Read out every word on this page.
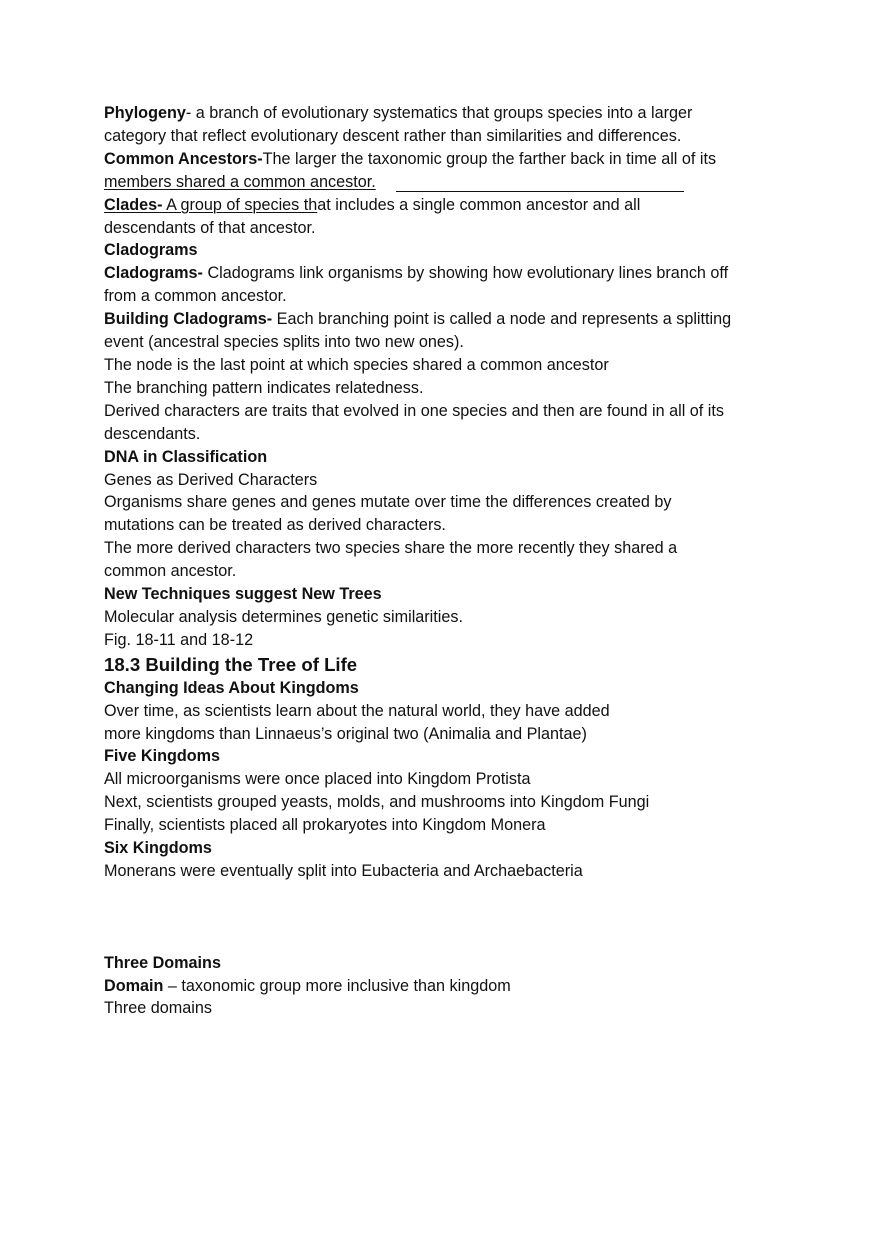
Phylogeny- a branch of evolutionary systematics that groups species into a larger
category that reflect evolutionary descent rather than similarities and differences.
Common Ancestors-The larger the taxonomic group the farther back in time all of its
members shared a common ancestor.
Clades- A group of species that includes a single common ancestor and all
descendants of that ancestor.
Cladograms
Cladograms- Cladograms link organisms by showing how evolutionary lines branch off
from a common ancestor.
Building Cladograms- Each branching point is called a node and represents a splitting
event (ancestral species splits into two new ones).
The node is the last point at which species shared a common ancestor
The branching pattern indicates relatedness.
Derived characters are traits that evolved in one species and then are found in all of its
descendants.
DNA in Classification
Genes as Derived Characters
Organisms share genes and genes mutate over time the differences created by
mutations can be treated as derived characters.
The more derived characters two species share the more recently they shared a
common ancestor.
New Techniques suggest New Trees
Molecular analysis determines genetic similarities.
Fig. 18-11 and 18-12
18.3 Building the Tree of Life
Changing Ideas About Kingdoms
Over time, as scientists learn about the natural world, they have added
more kingdoms than Linnaeus’s original two (Animalia and Plantae)
Five Kingdoms
All microorganisms were once placed into Kingdom Protista
Next, scientists grouped yeasts, molds, and mushrooms into Kingdom Fungi
Finally, scientists placed all prokaryotes into Kingdom Monera
Six Kingdoms
Monerans were eventually split into Eubacteria and Archaebacteria
Three Domains
Domain – taxonomic group more inclusive than kingdom
Three domains
